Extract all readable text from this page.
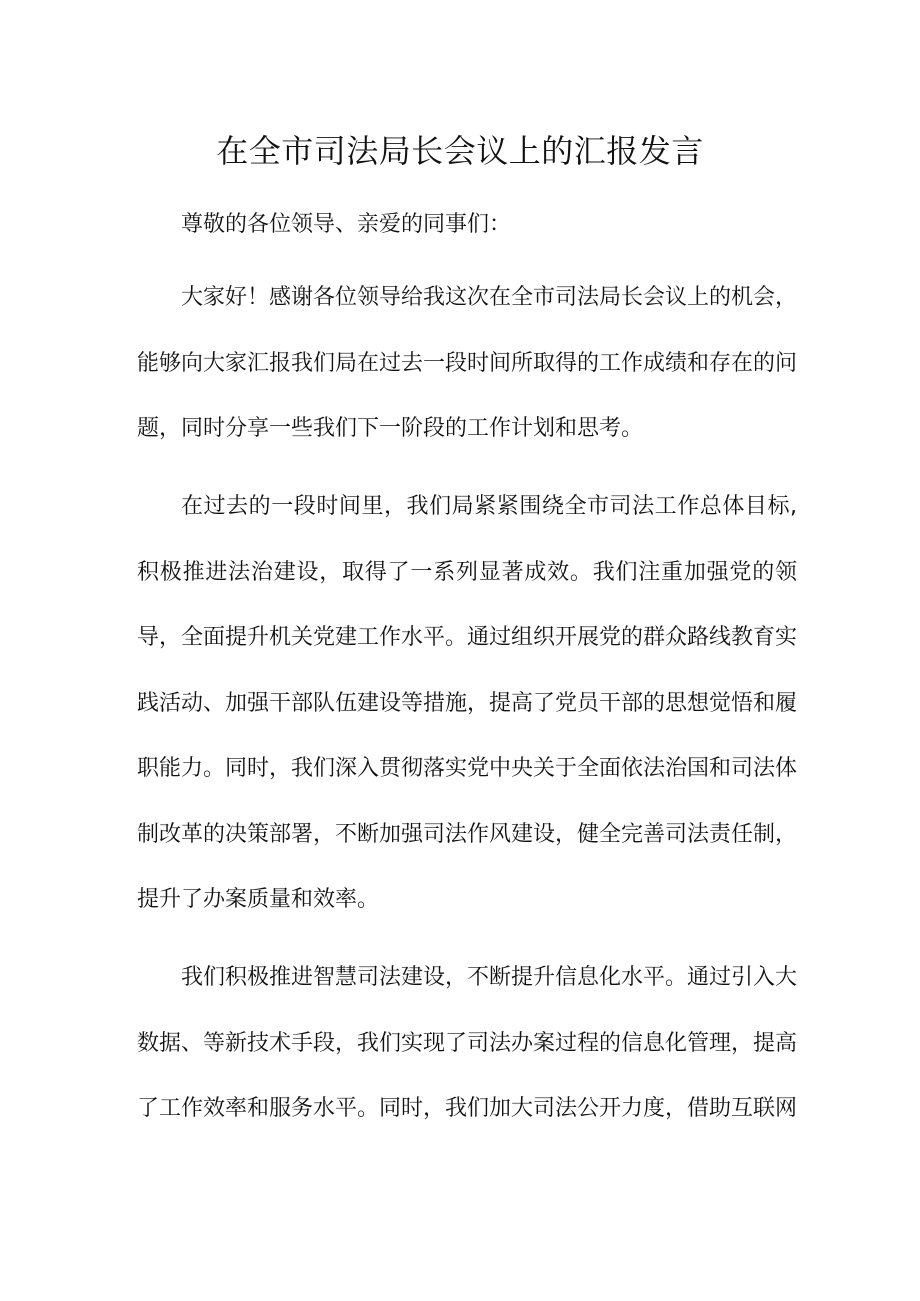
在全市司法局长会议上的汇报发言

尊敬的各位领导、亲爱的同事们：

大家好！感谢各位领导给我这次在全市司法局长会议上的机会，能够向大家汇报我们局在过去一段时间所取得的工作成绩和存在的问题，同时分享一些我们下一阶段的工作计划和思考。

在过去的一段时间里，我们局紧紧围绕全市司法工作总体目标,积极推进法治建设，取得了一系列显著成效。我们注重加强党的领导，全面提升机关党建工作水平。通过组织开展党的群众路线教育实践活动、加强干部队伍建设等措施，提高了党员干部的思想觉悟和履职能力。同时，我们深入贯彻落实党中央关于全面依法治国和司法体制改革的决策部署，不断加强司法作风建设，健全完善司法责任制，提升了办案质量和效率。

我们积极推进智慧司法建设，不断提升信息化水平。通过引入大数据、等新技术手段，我们实现了司法办案过程的信息化管理，提高了工作效率和服务水平。同时，我们加大司法公开力度，借助互联网
